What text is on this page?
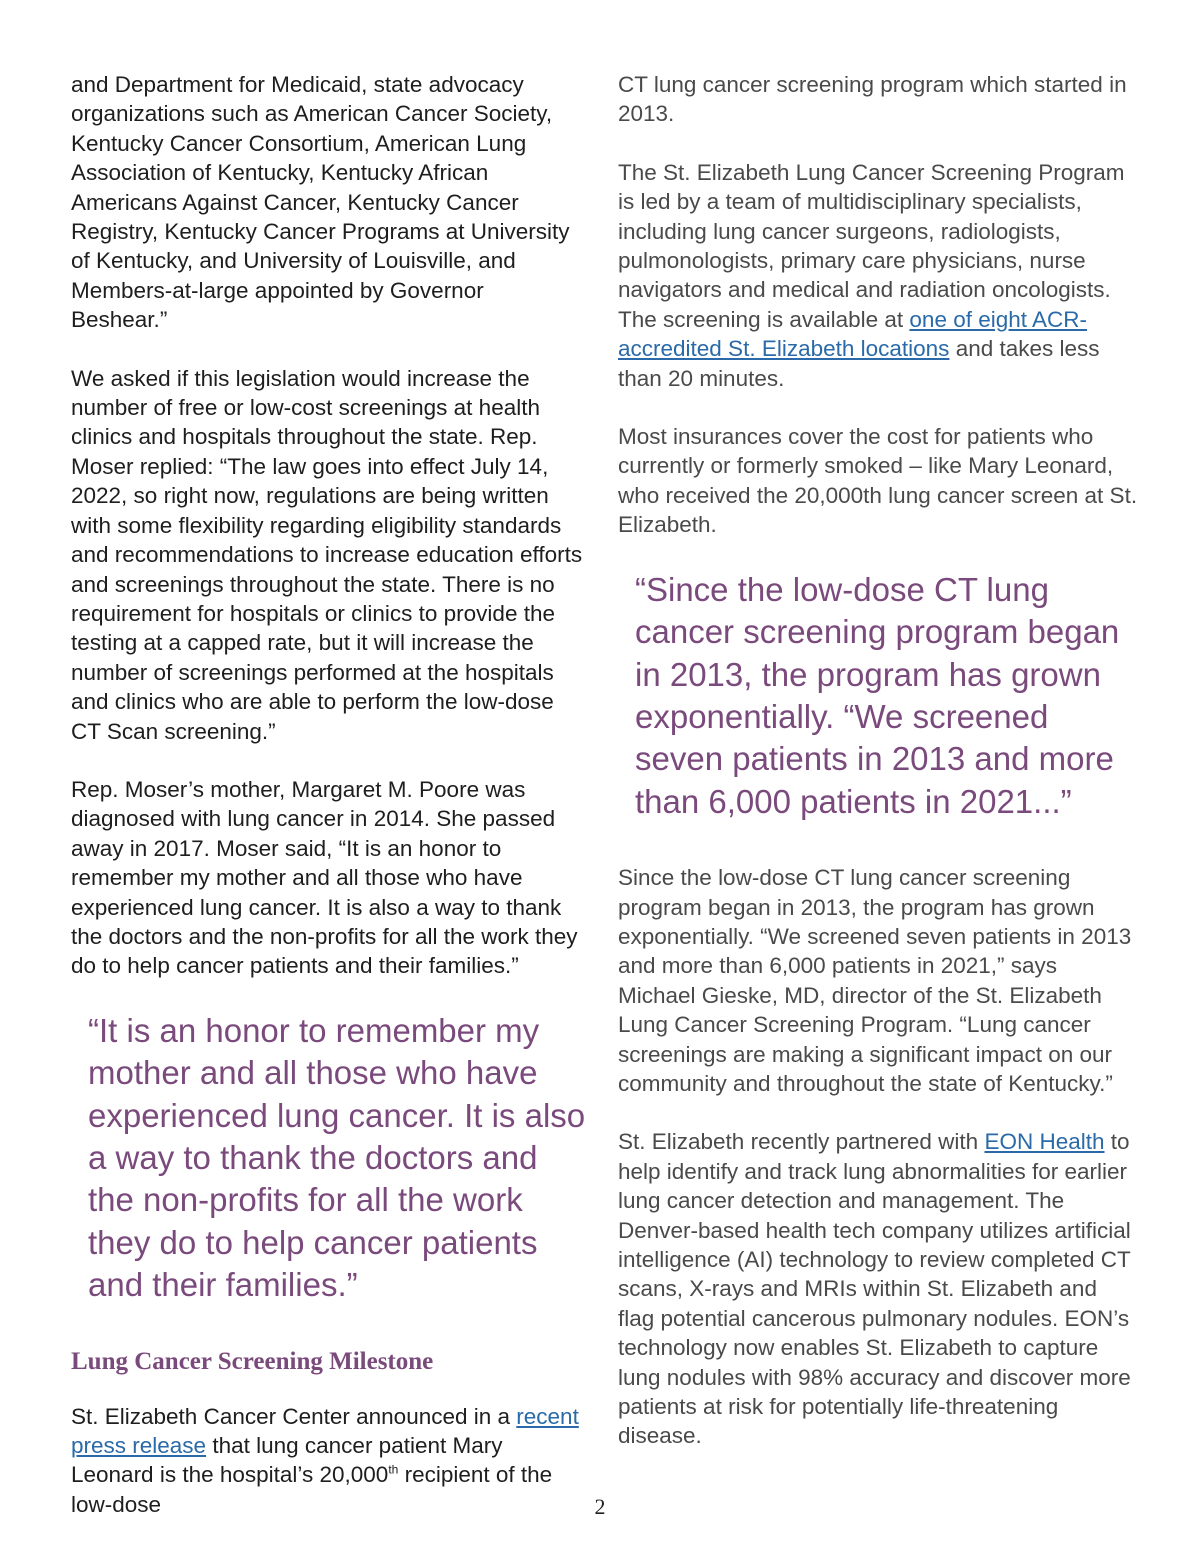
and Department for Medicaid, state advocacy organizations such as American Cancer Society, Kentucky Cancer Consortium, American Lung Association of Kentucky, Kentucky African Americans Against Cancer, Kentucky Cancer Registry, Kentucky Cancer Programs at University of Kentucky, and University of Louisville, and Members-at-large appointed by Governor Beshear.”

We asked if this legislation would increase the number of free or low-cost screenings at health clinics and hospitals throughout the state. Rep. Moser replied: “The law goes into effect July 14, 2022, so right now, regulations are being written with some flexibility regarding eligibility standards and recommendations to increase education efforts and screenings throughout the state. There is no requirement for hospitals or clinics to provide the testing at a capped rate, but it will increase the number of screenings performed at the hospitals and clinics who are able to perform the low-dose CT Scan screening.”

Rep. Moser’s mother, Margaret M. Poore was diagnosed with lung cancer in 2014. She passed away in 2017. Moser said, “It is an honor to remember my mother and all those who have experienced lung cancer. It is also a way to thank the doctors and the non-profits for all the work they do to help cancer patients and their families.”

“It is an honor to remember my mother and all those who have experienced lung cancer. It is also a way to thank the doctors and the non-profits for all the work they do to help cancer patients and their families.”
Lung Cancer Screening Milestone

St. Elizabeth Cancer Center announced in a recent press release that lung cancer patient Mary Leonard is the hospital’s 20,000th recipient of the low-dose

CT lung cancer screening program which started in 2013.

The St. Elizabeth Lung Cancer Screening Program is led by a team of multidisciplinary specialists, including lung cancer surgeons, radiologists, pulmonologists, primary care physicians, nurse navigators and medical and radiation oncologists. The screening is available at one of eight ACR-accredited St. Elizabeth locations and takes less than 20 minutes.

Most insurances cover the cost for patients who currently or formerly smoked – like Mary Leonard, who received the 20,000th lung cancer screen at St. Elizabeth.

“Since the low-dose CT lung cancer screening program began in 2013, the program has grown exponentially. “We screened seven patients in 2013 and more than 6,000 patients in 2021...”

Since the low-dose CT lung cancer screening program began in 2013, the program has grown exponentially. “We screened seven patients in 2013 and more than 6,000 patients in 2021,” says Michael Gieske, MD, director of the St. Elizabeth Lung Cancer Screening Program. “Lung cancer screenings are making a significant impact on our community and throughout the state of Kentucky.”

St. Elizabeth recently partnered with EON Health to help identify and track lung abnormalities for earlier lung cancer detection and management. The Denver-based health tech company utilizes artificial intelligence (AI) technology to review completed CT scans, X-rays and MRIs within St. Elizabeth and flag potential cancerous pulmonary nodules. EON’s technology now enables St. Elizabeth to capture lung nodules with 98% accuracy and discover more patients at risk for potentially life-threatening disease.

2
